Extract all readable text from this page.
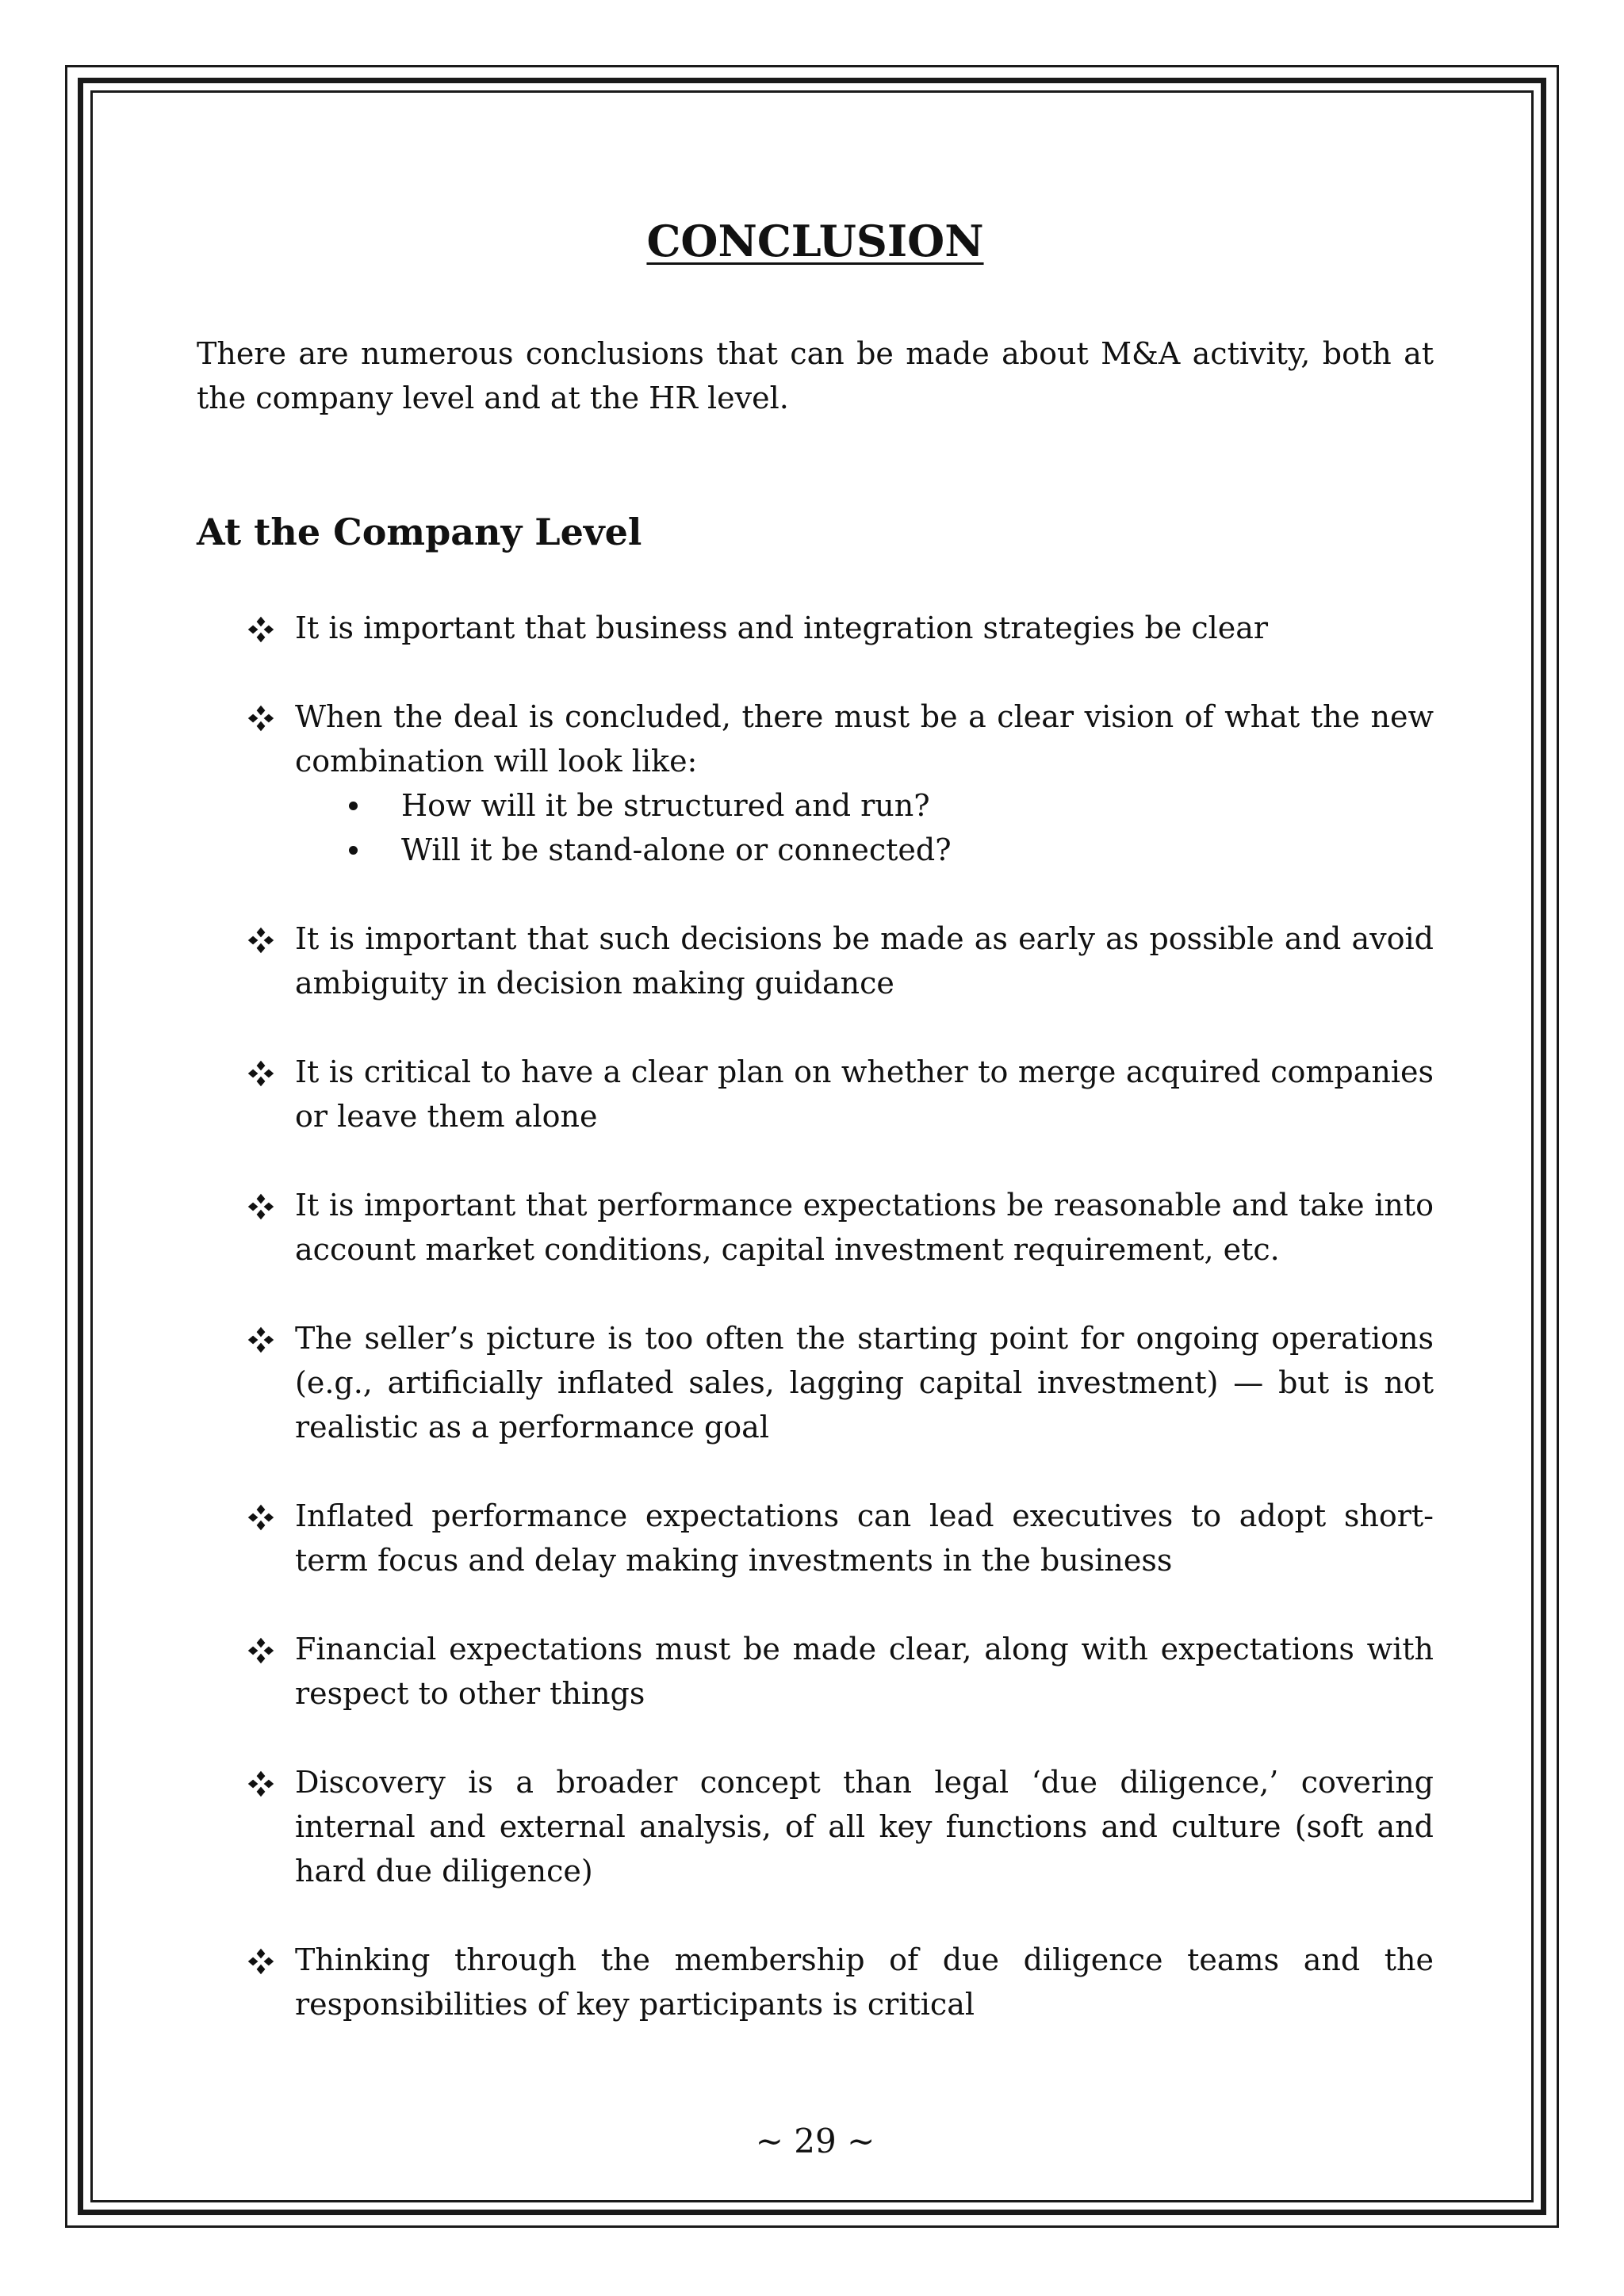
CONCLUSION

There are numerous conclusions that can be made about M&A activity, both at the company level and at the HR level.

At the Company Level
It is important that business and integration strategies be clear
When the deal is concluded, there must be a clear vision of what the new combination will look like:
How will it be structured and run?
Will it be stand-alone or connected?
It is important that such decisions be made as early as possible and avoid ambiguity in decision making guidance
It is critical to have a clear plan on whether to merge acquired companies or leave them alone
It is important that performance expectations be reasonable and take into account market conditions, capital investment requirement, etc.
The seller’s picture is too often the starting point for ongoing operations (e.g., artificially inflated sales, lagging capital investment) — but is not realistic as a performance goal
Inflated performance expectations can lead executives to adopt short-term focus and delay making investments in the business
Financial expectations must be made clear, along with expectations with respect to other things
Discovery is a broader concept than legal ‘due diligence,’ covering internal and external analysis, of all key functions and culture (soft and hard due diligence)
Thinking through the membership of due diligence teams and the responsibilities of key participants is critical

~ 29 ~
